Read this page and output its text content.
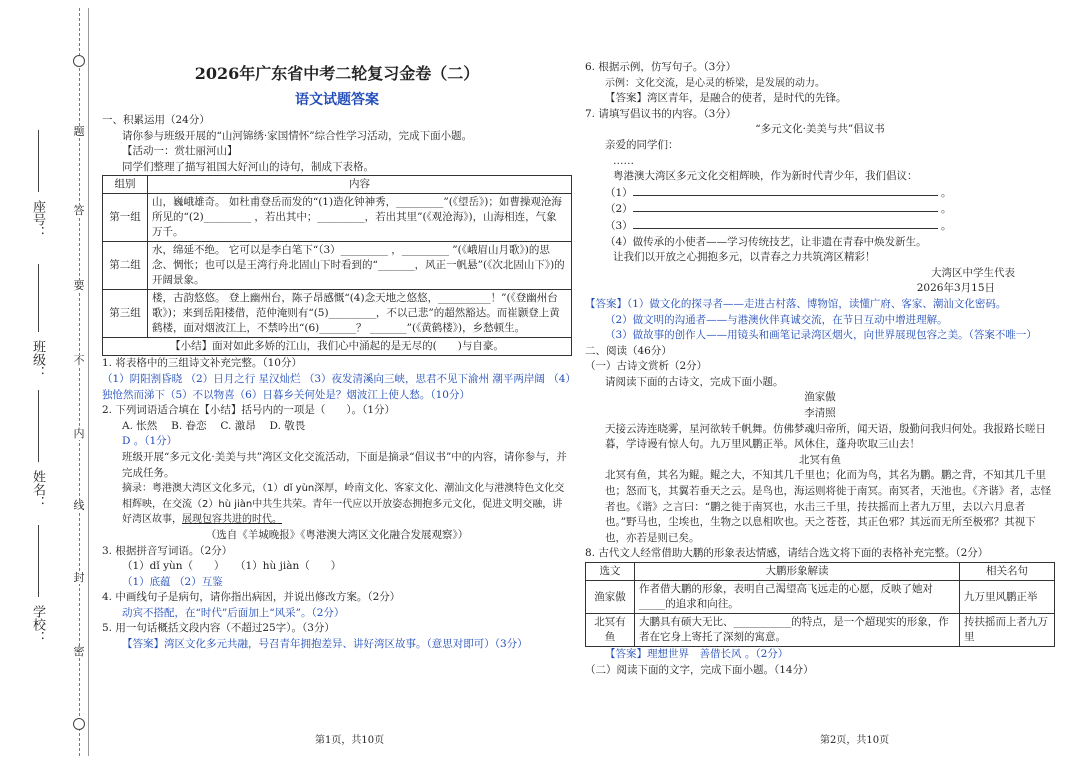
题
答
要
不
内
线
封
密
座号：
班级：
姓名：
学校：
2026年广东省中考二轮复习金卷（二）
语文试题答案
一、积累运用（24分）
请你参与班级开展的“山河锦绣·家国情怀”综合性学习活动，完成下面小题。
【活动一：赏壮丽河山】
同学们整理了描写祖国大好河山的诗句，制成下表格。
组别	内容
第一组	山，巍峨雄奇。 如杜甫登岳而发的“(1)造化钟神秀，_________”(《望岳》)；如曹操观沧海所见的“(2)_________ ，若出其中；_________，若出其里”(《观沧海》)，山海相连，气象万千。
第二组	水，绵延不绝。 它可以是李白笔下“（3）_________ ，_________ ”(《峨眉山月歌》)的思念、惆怅；也可以是王湾行舟北固山下时看到的“_______，风正一帆悬”(《次北固山下》)的开阔景象。
第三组	楼，古韵悠悠。 登上幽州台，陈子昂感慨“(4)念天地之悠悠，__________！”(《登幽州台歌》)；来到岳阳楼借，范仲淹则有“(5)_________，不以己悲”的超然豁达。而崔颢登上黄鹤楼，面对烟波江上，不禁吟出“(6)_______？ _______”(《黄鹤楼》)，乡愁顿生。
【小结】面对如此多娇的江山，我们心中涌起的是无尽的(　　)与自豪。	
1. 将表格中的三组诗文补充完整。（10分）
（1）阴阳割昏晓 （2）日月之行 星汉灿烂 （3）夜发清溪向三峡，思君不见下渝州 潮平两岸阔 （4）独怆然而涕下（5）不以物喜（6）日暮乡关何处是？烟波江上使人愁。（10分）
2. 下列词语适合填在【小结】括号内的一项是（　　）。（1分）
A. 怅然　 B. 眷恋　 C. 激昂　 D. 敬畏
D 。（1分）
班级开展“多元文化·美美与共”湾区文化交流活动，下面是摘录“倡议书”中的内容，请你参与，并完成任务。
摘录：粤港澳大湾区文化多元，（1）dǐ yùn深厚，岭南文化、客家文化、潮汕文化与港澳特色文化交相辉映，在交流（2）hù jiàn中共生共荣。青年一代应以开放姿态拥抱多元文化，促进文明交融，讲好湾区故事，展现包容共进的时代。
（选自《羊城晚报》《粤港澳大湾区文化融合发展观察》）
3. 根据拼音写词语。（2分）
（1）dǐ yùn（　　）　　（1）hù jiàn（　　）
（1）底蕴 （2）互鉴
4. 中画线句子是病句，请你指出病因，并说出修改方案。（2分）
动宾不搭配，在“时代”后面加上“风采”。（2分）
5. 用一句话概括文段内容（不超过25字）。（3分）
【答案】湾区文化多元共融，号召青年拥抱差异、讲好湾区故事。（意思对即可）（3分）
6. 根据示例，仿写句子。（3分）
示例：文化交流，是心灵的桥梁，是发展的动力。
【答案】湾区青年，是融合的使者，是时代的先锋。
7. 请填写倡议书的内容。（3分）
“多元文化·美美与共”倡议书
亲爱的同学们：
……
粤港澳大湾区多元文化交相辉映，作为新时代青少年，我们倡议：
（1）	。
（2）	。
（3）	。
（4）做传承的小使者——学习传统技艺，让非遗在青春中焕发新生。
让我们以开放之心拥抱多元，以青春之力共筑湾区精彩！
大湾区中学生代表
2026年3月15日
【答案】（1）做文化的探寻者——走进古村落、博物馆，读懂广府、客家、潮汕文化密码。
（2）做文明的沟通者——与港澳伙伴真诚交流，在节日互动中增进理解。
（3）做故事的创作人——用镜头和画笔记录湾区烟火，向世界展现包容之美。（答案不唯一）
二、阅读（46分）
（一）古诗文赏析（2分）
请阅读下面的古诗文，完成下面小题。
渔家傲
李清照
天接云涛连晓雾，星河欲转千帆舞。仿佛梦魂归帝所，闻天语，殷勤问我归何处。我报路长嗟日暮，学诗谩有惊人句。九万里风鹏正举。风休住，蓬舟吹取三山去！
北冥有鱼
北冥有鱼，其名为鲲。鲲之大，不知其几千里也；化而为鸟，其名为鹏。鹏之背，不知其几千里也；怒而飞，其翼若垂天之云。是鸟也，海运则将徙于南冥。南冥者，天池也。《齐谐》者，志怪者也。《谐》之言曰：“鹏之徙于南冥也，水击三千里，抟扶摇而上者九万里，去以六月息者也。”野马也，尘埃也，生物之以息相吹也。天之苍苍，其正色邪？其远而无所至极邪？其视下也，亦若是则已矣。
8. 古代文人经常借助大鹏的形象表达情感，请结合选文将下面的表格补充完整。（2分）
选文	大鹏形象解读	相关名句
渔家傲	作者借大鹏的形象，表明自己渴望高飞远走的心愿，反映了她对_____的追求和向往。	九万里风鹏正举
北冥有鱼	大鹏具有硕大无比、___________的特点，是一个超现实的形象，作者在它身上寄托了深刻的寓意。	抟扶摇而上者九万里
【答案】理想世界　善借长风 。（2分）
（二）阅读下面的文字，完成下面小题。（14分）
第1页，共10页	第2页，共10页
